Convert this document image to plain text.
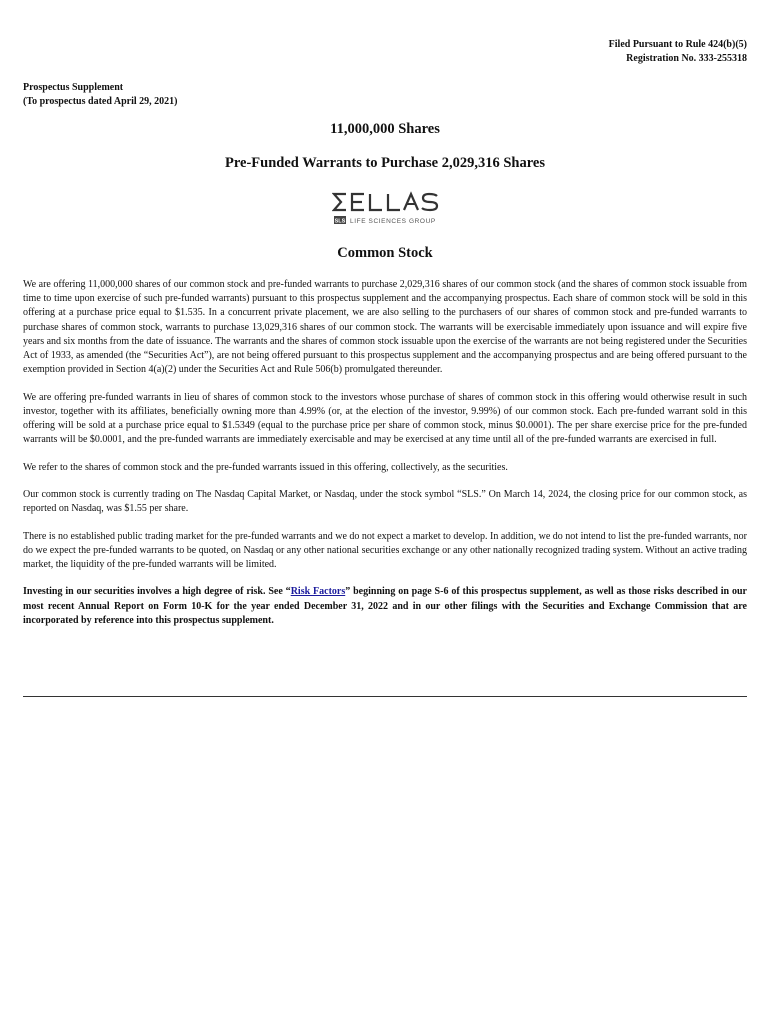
Filed Pursuant to Rule 424(b)(5)
Registration No. 333-255318
Prospectus Supplement
(To prospectus dated April 29, 2021)
11,000,000 Shares
Pre-Funded Warrants to Purchase 2,029,316 Shares
SLS LIFE SCIENCES GROUP
Common Stock

We are offering 11,000,000 shares of our common stock and pre-funded warrants to purchase 2,029,316 shares of our common stock (and the shares of common stock issuable from time to time upon exercise of such pre-funded warrants) pursuant to this prospectus supplement and the accompanying prospectus. Each share of common stock will be sold in this offering at a purchase price equal to $1.535. In a concurrent private placement, we are also selling to the purchasers of our shares of common stock and pre-funded warrants to purchase shares of common stock, warrants to purchase 13,029,316 shares of our common stock. The warrants will be exercisable immediately upon issuance and will expire five years and six months from the date of issuance. The warrants and the shares of common stock issuable upon the exercise of the warrants are not being registered under the Securities Act of 1933, as amended (the “Securities Act”), are not being offered pursuant to this prospectus supplement and the accompanying prospectus and are being offered pursuant to the exemption provided in Section 4(a)(2) under the Securities Act and Rule 506(b) promulgated thereunder.

We are offering pre-funded warrants in lieu of shares of common stock to the investors whose purchase of shares of common stock in this offering would otherwise result in such investor, together with its affiliates, beneficially owning more than 4.99% (or, at the election of the investor, 9.99%) of our common stock. Each pre-funded warrant sold in this offering will be sold at a purchase price equal to $1.5349 (equal to the purchase price per share of common stock, minus $0.0001). The per share exercise price for the pre-funded warrants will be $0.0001, and the pre-funded warrants are immediately exercisable and may be exercised at any time until all of the pre-funded warrants are exercised in full.

We refer to the shares of common stock and the pre-funded warrants issued in this offering, collectively, as the securities.

Our common stock is currently trading on The Nasdaq Capital Market, or Nasdaq, under the stock symbol “SLS.” On March 14, 2024, the closing price for our common stock, as reported on Nasdaq, was $1.55 per share.

There is no established public trading market for the pre-funded warrants and we do not expect a market to develop. In addition, we do not intend to list the pre-funded warrants, nor do we expect the pre-funded warrants to be quoted, on Nasdaq or any other national securities exchange or any other nationally recognized trading system. Without an active trading market, the liquidity of the pre-funded warrants will be limited.

Investing in our securities involves a high degree of risk. See “Risk Factors” beginning on page S-6 of this prospectus supplement, as well as those risks described in our most recent Annual Report on Form 10-K for the year ended December 31, 2022 and in our other filings with the Securities and Exchange Commission that are incorporated by reference into this prospectus supplement.
